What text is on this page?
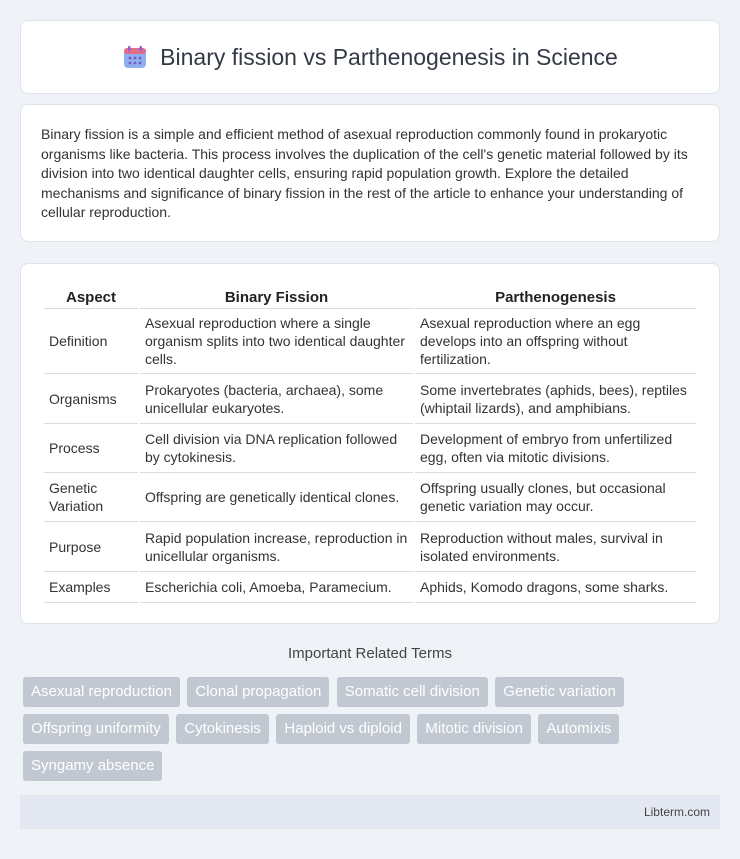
Binary fission vs Parthenogenesis in Science

Binary fission is a simple and efficient method of asexual reproduction commonly found in prokaryotic organisms like bacteria. This process involves the duplication of the cell's genetic material followed by its division into two identical daughter cells, ensuring rapid population growth. Explore the detailed mechanisms and significance of binary fission in the rest of the article to enhance your understanding of cellular reproduction.

Aspect	Binary Fission	Parthenogenesis
Definition	Asexual reproduction where a single organism splits into two identical daughter cells.	Asexual reproduction where an egg develops into an offspring without fertilization.
Organisms	Prokaryotes (bacteria, archaea), some unicellular eukaryotes.	Some invertebrates (aphids, bees), reptiles (whiptail lizards), and amphibians.
Process	Cell division via DNA replication followed by cytokinesis.	Development of embryo from unfertilized egg, often via mitotic divisions.
Genetic Variation	Offspring are genetically identical clones.	Offspring usually clones, but occasional genetic variation may occur.
Purpose	Rapid population increase, reproduction in unicellular organisms.	Reproduction without males, survival in isolated environments.
Examples	Escherichia coli, Amoeba, Paramecium.	Aphids, Komodo dragons, some sharks.
Important Related Terms
Asexual reproduction Clonal propagation Somatic cell division Genetic variation Offspring uniformity Cytokinesis Haploid vs diploid Mitotic division Automixis Syngamy absence
Libterm.com
